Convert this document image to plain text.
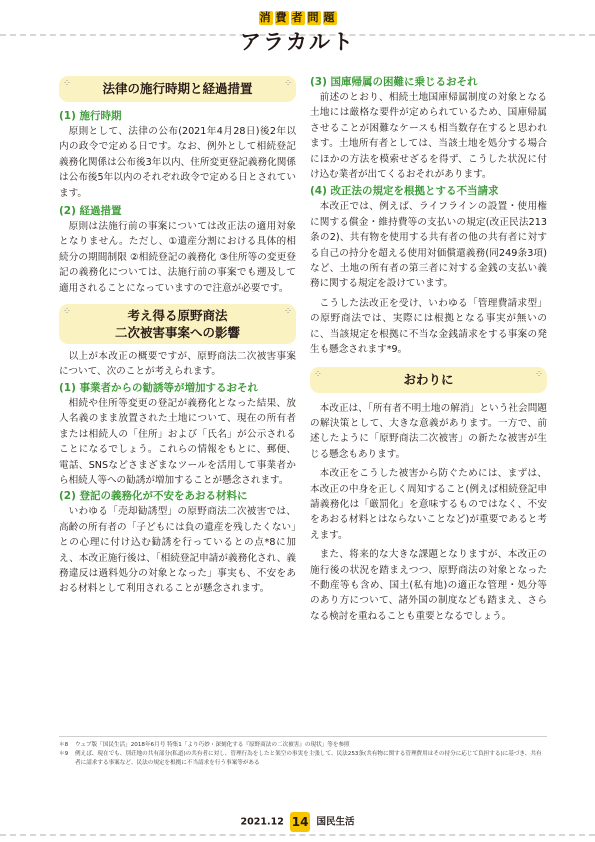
消 費 者 問 題
アラカルト
⁘	法律の施行時期と経過措置	⁘
(1) 施行時期

原則として、法律の公布(2021年4月28日)後2年以内の政令で定める日です。なお、例外として相続登記義務化関係は公布後3年以内、住所変更登記義務化関係は公布後5年以内のそれぞれ政令で定める日とされています。

(2) 経過措置

原則は法施行前の事案については改正法の適用対象となりません。ただし、①遺産分割における具体的相続分の期間制限 ②相続登記の義務化 ③住所等の変更登記の義務化については、法施行前の事案でも遡及して適用されることになっていますので注意が必要です。

⁘	考え得る原野商法
二次被害事案への影響
⁘

以上が本改正の概要ですが、原野商法二次被害事案について、次のことが考えられます。

(1) 事業者からの勧誘等が増加するおそれ

相続や住所等変更の登記が義務化となった結果、放人名義のまま放置された土地について、現在の所有者または相続人の「住所」および「氏名」が公示されることになるでしょう。これらの情報をもとに、郵便、電話、SNSなどさまざまなツールを活用して事業者から相続人等への勧誘が増加することが懸念されます。

(2) 登記の義務化が不安をあおる材料に

いわゆる「売却勧誘型」の原野商法二次被害では、高齢の所有者の「子どもには負の遺産を残したくない」との心理に付け込む勧誘を行っているとの点*8に加え、本改正施行後は、「相続登記申請が義務化され、義務違反は過料処分の対象となった」事実も、不安をあおる材料として利用されることが懸念されます。

(3) 国庫帰属の困難に乗じるおそれ

前述のとおり、相続土地国庫帰属制度の対象となる土地には厳格な要件が定められているため、国庫帰属させることが困難なケースも相当数存在すると思われます。土地所有者としては、当該土地を処分する場合にほかの方法を模索せざるを得ず、こうした状況に付け込む業者が出てくるおそれがあります。

(4) 改正法の規定を根拠とする不当請求

本改正では、例えば、ライフラインの設置・使用権に関する償金・維持費等の支払いの規定(改正民法213条の2)、共有物を使用する共有者の他の共有者に対する自己の持分を超える使用対価償還義務(同249条3項)など、土地の所有者の第三者に対する金銭の支払い義務に関する規定を設けています。

こうした法改正を受け、いわゆる「管理費請求型」の原野商法では、実際には根拠となる事実が無いのに、当該規定を根拠に不当な金銭請求をする事案の発生も懸念されます*9。

⁘	おわりに	⁘

本改正は、「所有者不明土地の解消」という社会問題の解決策として、大きな意義があります。一方で、前述したように「原野商法二次被害」の新たな被害が生じる懸念もあります。

本改正をこうした被害から防ぐためには、まずは、本改正の中身を正しく周知すること(例えば相続登記申請義務化は「厳罰化」を意味するものではなく、不安をあおる材料とはならないことなど)が重要であると考えます。

また、将来的な大きな課題となりますが、本改正の施行後の状況を踏まえつつ、原野商法の対象となった不動産等も含め、国土(私有地)の適正な管理・処分等のあり方について、諸外国の制度なども踏まえ、さらなる検討を重ねることも重要となるでしょう。

＊8	ウェブ版「国民生活」2018年6月号 特集1「より巧妙・深刻化する『原野商法の二次被害』の現状」等を参照
＊9	例えば、現在でも、別荘地の共有部分(私道)の共有者に対し、管理行為をしたと架空の事実を主張して、民法253条(共有物に関する管理費用はその持分に応じて負担する)に基づき、共有者に請求する事案など、民法の規定を根拠に不当請求を行う事案等がある
2021.12 14 国民生活
